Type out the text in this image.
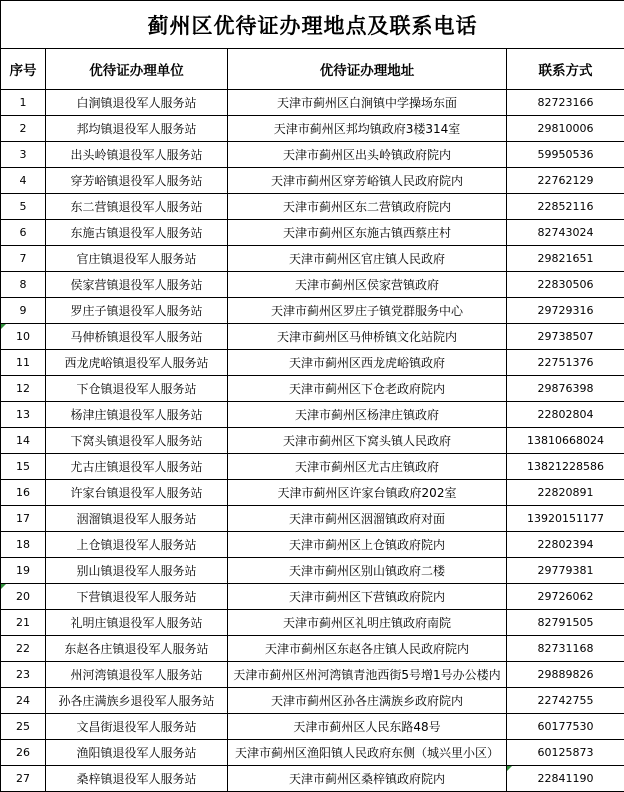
蓟州区优待证办理地点及联系电话			
序号	优待证办理单位	优待证办理地址	联系方式
1	白涧镇退役军人服务站	天津市蓟州区白涧镇中学操场东面	82723166
2	邦均镇退役军人服务站	天津市蓟州区邦均镇政府3楼314室	29810006
3	出头岭镇退役军人服务站	天津市蓟州区出头岭镇政府院内	59950536
4	穿芳峪镇退役军人服务站	天津市蓟州区穿芳峪镇人民政府院内	22762129
5	东二营镇退役军人服务站	天津市蓟州区东二营镇政府院内	22852116
6	东施古镇退役军人服务站	天津市蓟州区东施古镇西蔡庄村	82743024
7	官庄镇退役军人服务站	天津市蓟州区官庄镇人民政府	29821651
8	侯家营镇退役军人服务站	天津市蓟州区侯家营镇政府	22830506
9	罗庄子镇退役军人服务站	天津市蓟州区罗庄子镇党群服务中心	29729316

10	马伸桥镇退役军人服务站	天津市蓟州区马伸桥镇文化站院内	29738507
11	西龙虎峪镇退役军人服务站	天津市蓟州区西龙虎峪镇政府	22751376
12	下仓镇退役军人服务站	天津市蓟州区下仓老政府院内	29876398
13	杨津庄镇退役军人服务站	天津市蓟州区杨津庄镇政府	22802804
14	下窝头镇退役军人服务站	天津市蓟州区下窝头镇人民政府	13810668024
15	尤古庄镇退役军人服务站	天津市蓟州区尤古庄镇政府	13821228586
16	许家台镇退役军人服务站	天津市蓟州区许家台镇政府202室	22820891
17	洇溜镇退役军人服务站	天津市蓟州区洇溜镇政府对面	13920151177
18	上仓镇退役军人服务站	天津市蓟州区上仓镇政府院内	22802394
19	别山镇退役军人服务站	天津市蓟州区别山镇政府二楼	29779381

20	下营镇退役军人服务站	天津市蓟州区下营镇政府院内	29726062
21	礼明庄镇退役军人服务站	天津市蓟州区礼明庄镇政府南院	82791505
22	东赵各庄镇退役军人服务站	天津市蓟州区东赵各庄镇人民政府院内	82731168
23	州河湾镇退役军人服务站	天津市蓟州区州河湾镇青池西街5号增1号办公楼内	29889826
24	孙各庄满族乡退役军人服务站	天津市蓟州区孙各庄满族乡政府院内	22742755
25	文昌街退役军人服务站	天津市蓟州区人民东路48号	60177530
26	渔阳镇退役军人服务站	天津市蓟州区渔阳镇人民政府东侧（城兴里小区）	60125873
27	桑梓镇退役军人服务站	天津市蓟州区桑梓镇政府院内	22841190
